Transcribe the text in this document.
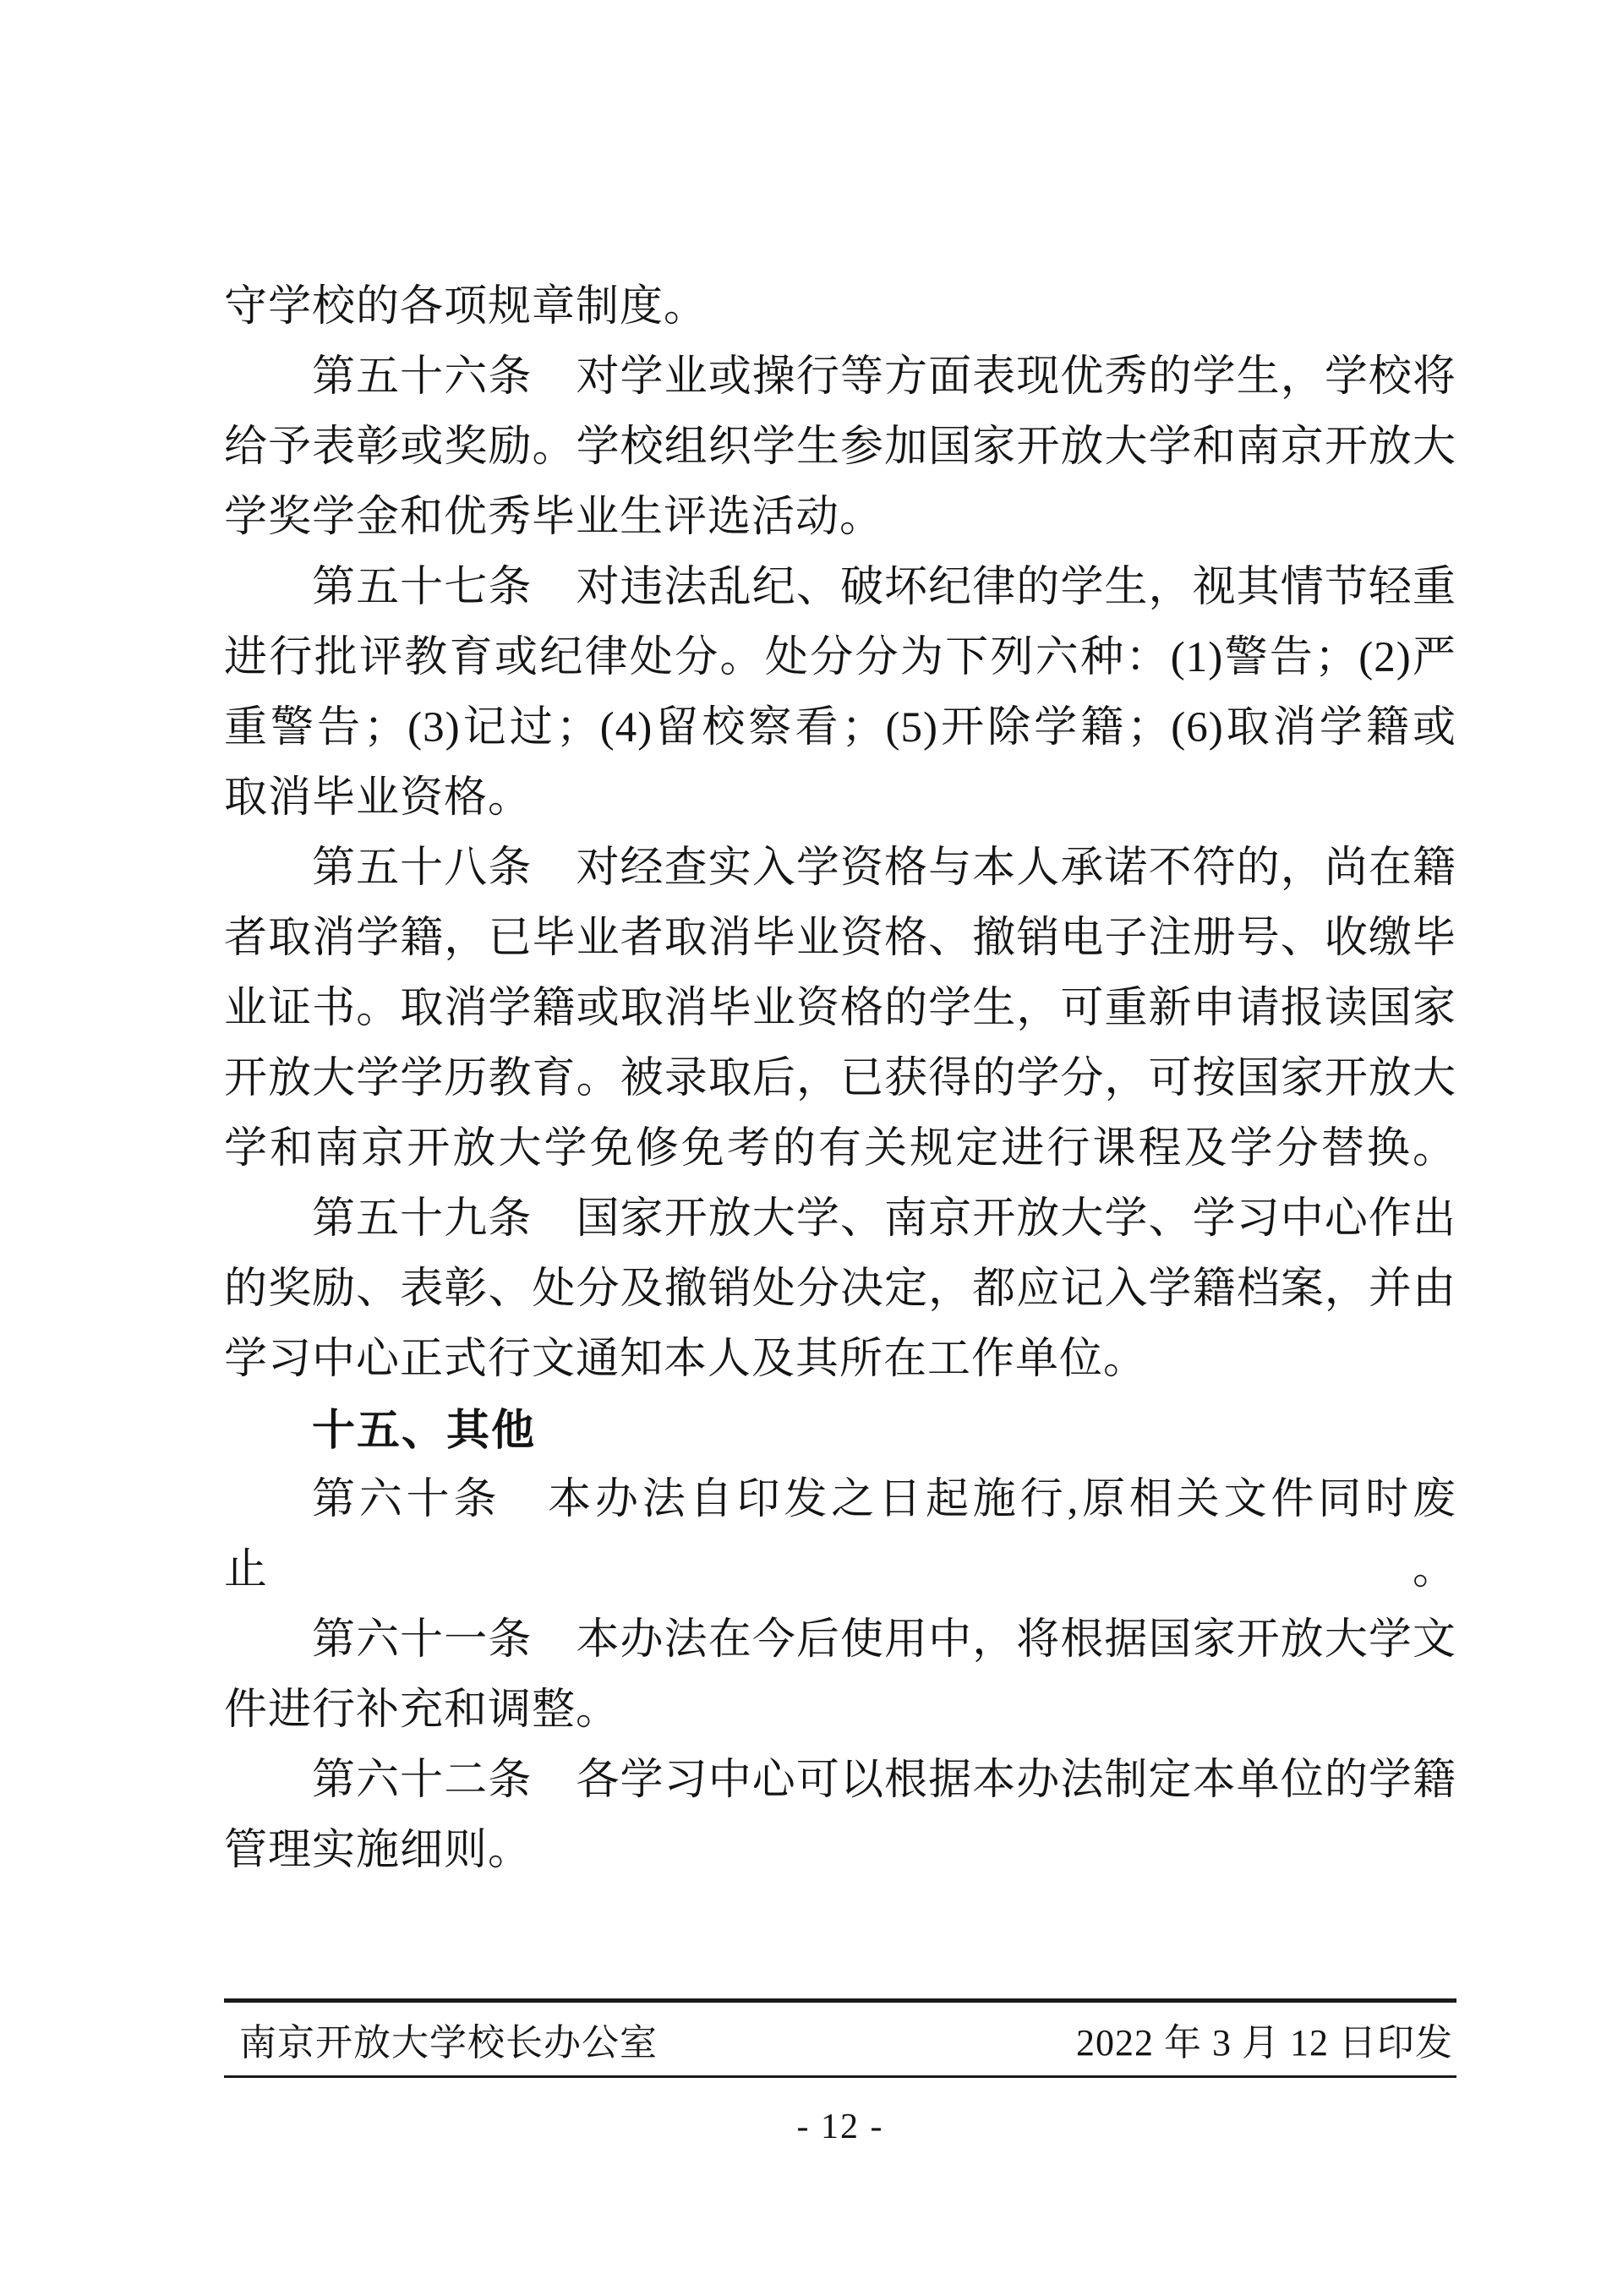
守学校的各项规章制度。
第五十六条　对学业或操行等方面表现优秀的学生，学校将
给予表彰或奖励。学校组织学生参加国家开放大学和南京开放大
学奖学金和优秀毕业生评选活动。
第五十七条　对违法乱纪、破坏纪律的学生，视其情节轻重
进行批评教育或纪律处分。处分分为下列六种：(1)警告；(2)严
重警告；(3)记过；(4)留校察看；(5)开除学籍；(6)取消学籍或
取消毕业资格。
第五十八条　对经查实入学资格与本人承诺不符的，尚在籍
者取消学籍，已毕业者取消毕业资格、撤销电子注册号、收缴毕
业证书。取消学籍或取消毕业资格的学生，可重新申请报读国家
开放大学学历教育。被录取后，已获得的学分，可按国家开放大
学和南京开放大学免修免考的有关规定进行课程及学分替换。
第五十九条　国家开放大学、南京开放大学、学习中心作出
的奖励、表彰、处分及撤销处分决定，都应记入学籍档案，并由
学习中心正式行文通知本人及其所在工作单位。
十五、其他
第六十条　本办法自印发之日起施行,原相关文件同时废止。
第六十一条　本办法在今后使用中，将根据国家开放大学文
件进行补充和调整。
第六十二条　各学习中心可以根据本办法制定本单位的学籍
管理实施细则。
南京开放大学校长办公室	2022 年 3 月 12 日印发
- 12 -
